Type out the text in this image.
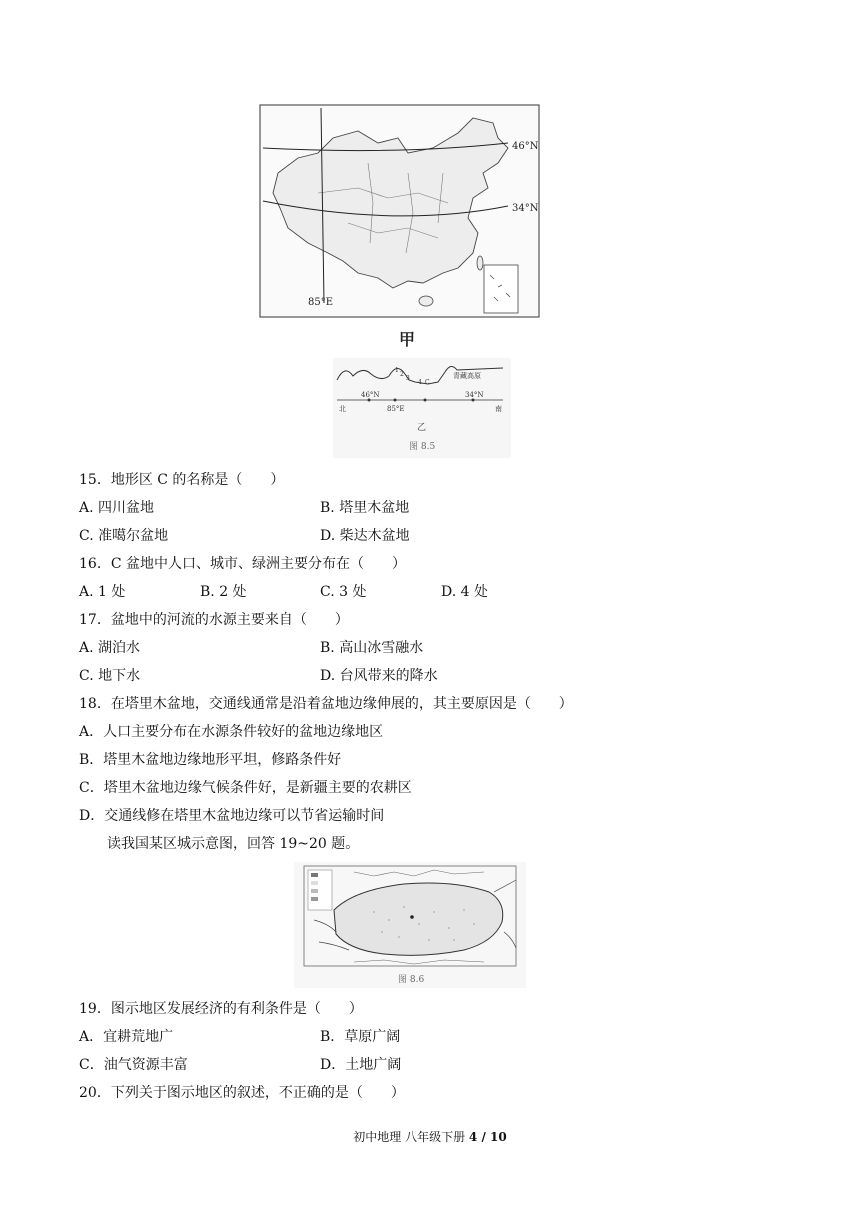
46°N
34°N
85°E
甲
1
2
3
4 C
青藏高原
46°N
85°E
34°N
北	南
乙
图 8.5
15．地形区 C 的名称是（　　）
A. 四川盆地	B. 塔里木盆地
C. 准噶尔盆地	D. 柴达木盆地
16．C 盆地中人口、城市、绿洲主要分布在（　　）
A. 1 处	B. 2 处	C. 3 处	D. 4 处
17．盆地中的河流的水源主要来自（　　）
A. 湖泊水	B. 高山冰雪融水
C. 地下水	D. 台风带来的降水
18．在塔里木盆地，交通线通常是沿着盆地边缘伸展的，其主要原因是（　　）
A．人口主要分布在水源条件较好的盆地边缘地区
B．塔里木盆地边缘地形平坦，修路条件好
C．塔里木盆地边缘气候条件好，是新疆主要的农耕区
D．交通线修在塔里木盆地边缘可以节省运输时间
读我国某区城示意图，回答 19~20 题。
图 8.6
19．图示地区发展经济的有利条件是（　　）
A．宜耕荒地广	B．草原广阔
C．油气资源丰富	D．土地广阔
20．下列关于图示地区的叙述，不正确的是（　　）
初中地理 八年级下册 4 / 10
